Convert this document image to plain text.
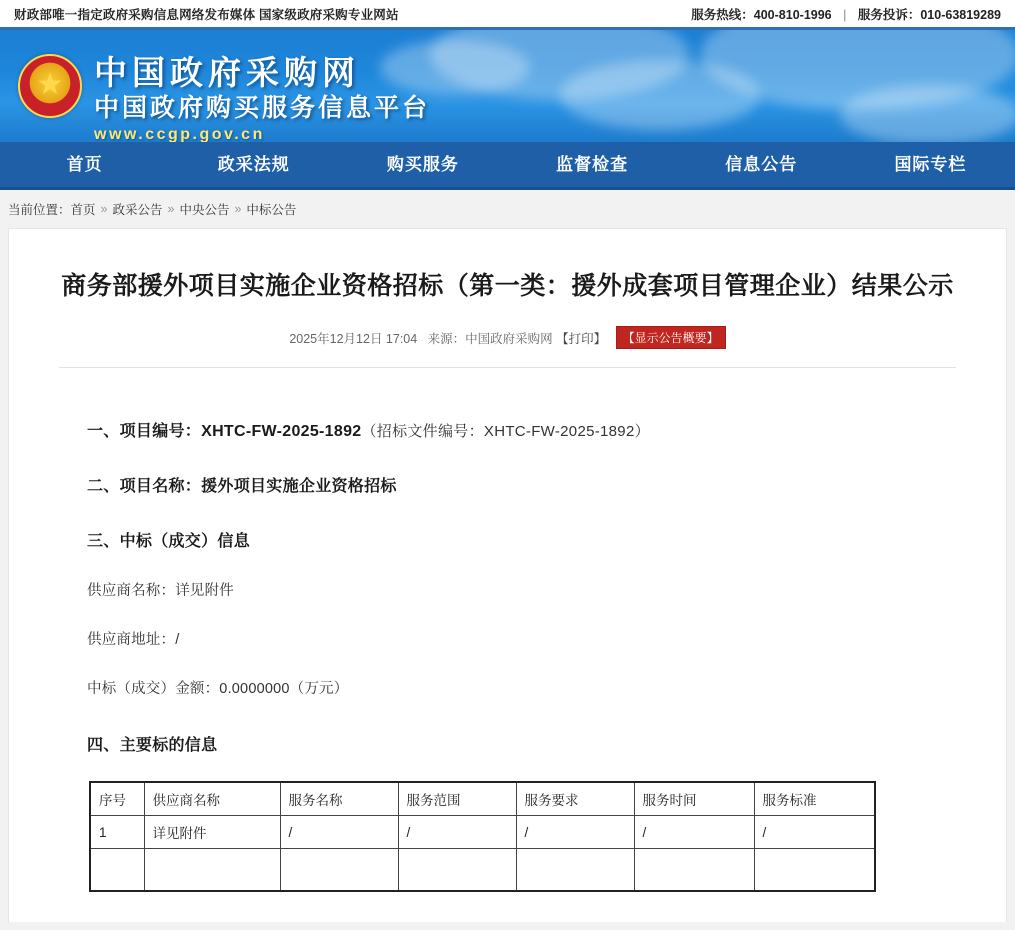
财政部唯一指定政府采购信息网络发布媒体 国家级政府采购专业网站	服务热线：400-810-1996 | 服务投诉：010-63819289
★
中国政府采购网
中国政府购买服务信息平台
www.ccgp.gov.cn
首页	政采法规	购买服务	监督检查	信息公告	国际专栏
当前位置： 首页 » 政采公告 » 中央公告 » 中标公告
商务部援外项目实施企业资格招标（第一类：援外成套项目管理企业）结果公示
2025年12月12日 17:04 来源：中国政府采购网 【打印】 【显示公告概要】
一、项目编号：XHTC-FW-2025-1892（招标文件编号：XHTC-FW-2025-1892）
二、项目名称：援外项目实施企业资格招标
三、中标（成交）信息

供应商名称：详见附件

供应商地址：/

中标（成交）金额：0.0000000（万元）

四、主要标的信息
序号	供应商名称	服务名称	服务范围	服务要求	服务时间	服务标准
1	详见附件	/	/	/	/	/
